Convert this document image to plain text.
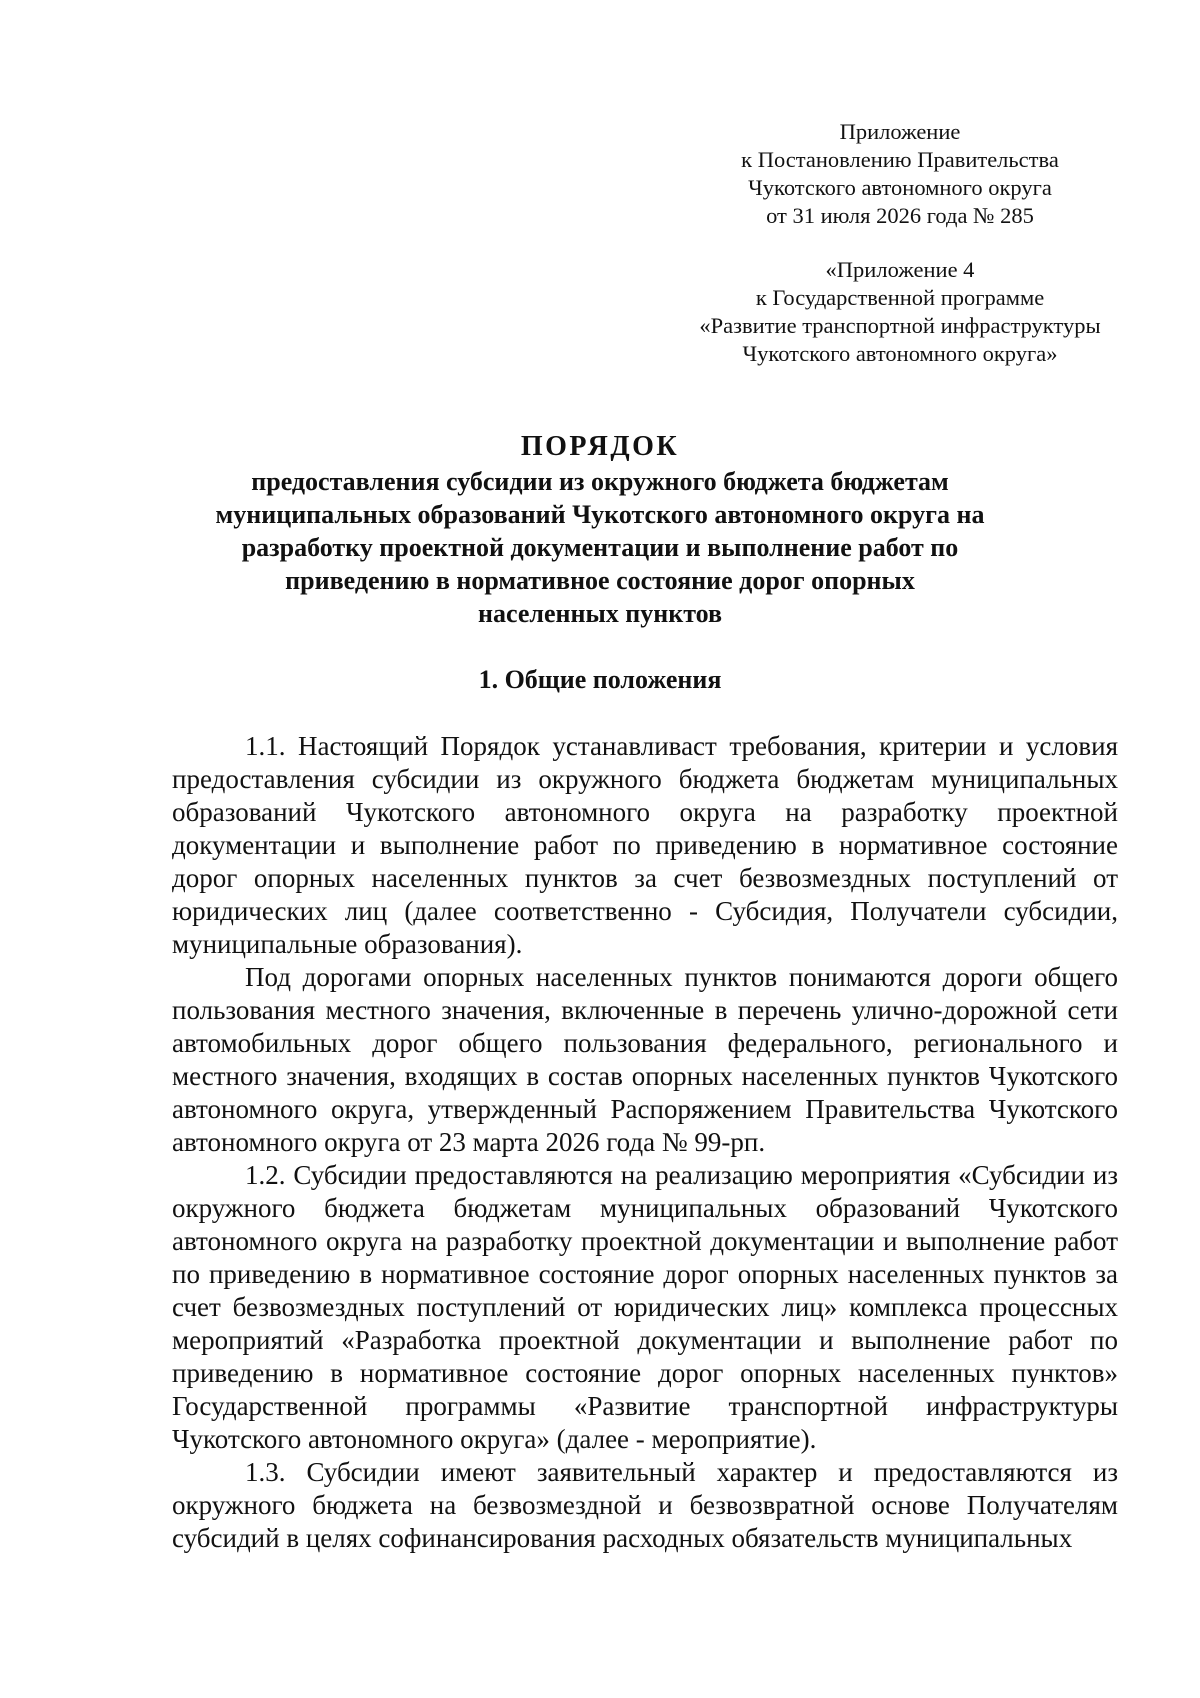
Приложение
к Постановлению Правительства
Чукотского автономного округа
от 31 июля 2026 года № 285
«Приложение 4
к Государственной программе
«Развитие транспортной инфраструктуры
Чукотского автономного округа»
ПОРЯДОК
предоставления субсидии из окружного бюджета бюджетам
муниципальных образований Чукотского автономного округа на
разработку проектной документации и выполнение работ по
приведению в нормативное состояние дорог опорных
населенных пунктов
1. Общие положения

1.1. Настоящий Порядок устанавливаст требования, критерии и условия предоставления субсидии из окружного бюджета бюджетам муниципальных образований Чукотского автономного округа на разработку проектной документации и выполнение работ по приведению в нормативное состояние дорог опорных населенных пунктов за счет безвозмездных поступлений от юридических лиц (далее соответственно - Субсидия, Получатели субсидии, муниципальные образования).

Под дорогами опорных населенных пунктов понимаются дороги общего пользования местного значения, включенные в перечень улично-дорожной сети автомобильных дорог общего пользования федерального, регионального и местного значения, входящих в состав опорных населенных пунктов Чукотского автономного округа, утвержденный Распоряжением Правительства Чукотского автономного округа от 23 марта 2026 года № 99-рп.

1.2. Субсидии предоставляются на реализацию мероприятия «Субсидии из окружного бюджета бюджетам муниципальных образований Чукотского автономного округа на разработку проектной документации и выполнение работ по приведению в нормативное состояние дорог опорных населенных пунктов за счет безвозмездных поступлений от юридических лиц» комплекса процессных мероприятий «Разработка проектной документации и выполнение работ по приведению в нормативное состояние дорог опорных населенных пунктов» Государственной программы «Развитие транспортной инфраструктуры Чукотского автономного округа» (далее - мероприятие).

1.3. Субсидии имеют заявительный характер и предоставляются из окружного бюджета на безвозмездной и безвозвратной основе Получателям субсидий в целях софинансирования расходных обязательств муниципальных
